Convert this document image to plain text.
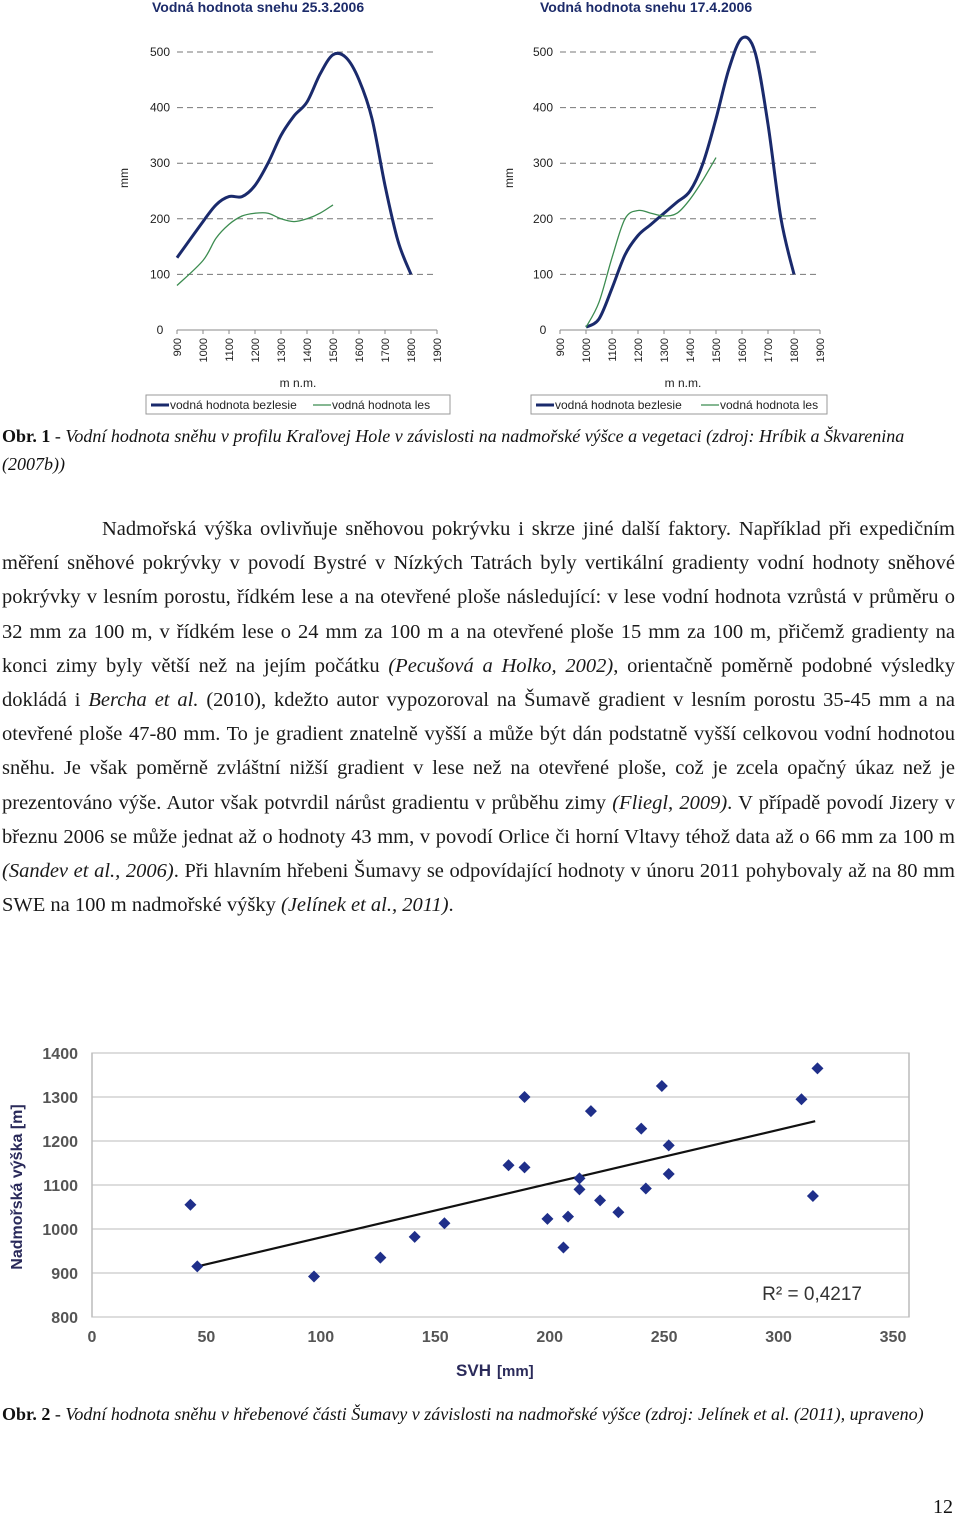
0
100
200
300
400
500
mm
900 1000 1100 1200 1300 1400 1500 1600 1700 1800 1900
m n.m.
vodná hodnota bezlesie	vodná hodnota les
0
100
200
300
400
500
mm
900 1000 1100 1200 1300 1400 1500 1600 1700 1800 1900
m n.m.
vodná hodnota bezlesie	vodná hodnota les
Vodná hodnota snehu 25.3.2006	Vodná hodnota snehu 17.4.2006
Obr. 1 - Vodní hodnota sněhu v profilu Kraľovej Hole v závislosti na nadmořské výšce a vegetaci (zdroj: Hríbik a Škvarenina (2007b))
Nadmořská výška ovlivňuje sněhovou pokrývku i skrze jiné další faktory. Například při expedičním měření sněhové pokrývky v povodí Bystré v Nízkých Tatrách byly vertikální gradienty vodní hodnoty sněhové pokrývky v lesním porostu, řídkém lese a na otevřené ploše následující: v lese vodní hodnota vzrůstá v průměru o 32 mm za 100 m, v řídkém lese o 24 mm za 100 m a na otevřené ploše 15 mm za 100 m, přičemž gradienty na konci zimy byly větší než na jejím počátku (Pecušová a Holko, 2002), orientačně poměrně podobné výsledky dokládá i Bercha et al. (2010), kdežto autor vypozoroval na Šumavě gradient v lesním porostu 35-45 mm a na otevřené ploše 47-80 mm. To je gradient znatelně vyšší a může být dán podstatně vyšší celkovou vodní hodnotou sněhu. Je však poměrně zvláštní nižší gradient v lese než na otevřené ploše, což je zcela opačný úkaz než je prezentováno výše. Autor však potvrdil nárůst gradientu v průběhu zimy (Fliegl, 2009). V případě povodí Jizery v březnu 2006 se může jednat až o hodnoty 43 mm, v povodí Orlice či horní Vltavy téhož data až o 66 mm za 100 m (Sandev et al., 2006). Při hlavním hřebeni Šumavy se odpovídající hodnoty v únoru 2011 pohybovaly až na 80 mm SWE na 100 m nadmořské výšky (Jelínek et al., 2011).
800
900
1000
1100
1200
1300
1400
0	50	100	150	200	250	300	350
Nadmořská výška [m]
SVH [mm]
R² = 0,4217
Obr. 2 - Vodní hodnota sněhu v hřebenové části Šumavy v závislosti na nadmořské výšce (zdroj: Jelínek et al. (2011), upraveno)
12
